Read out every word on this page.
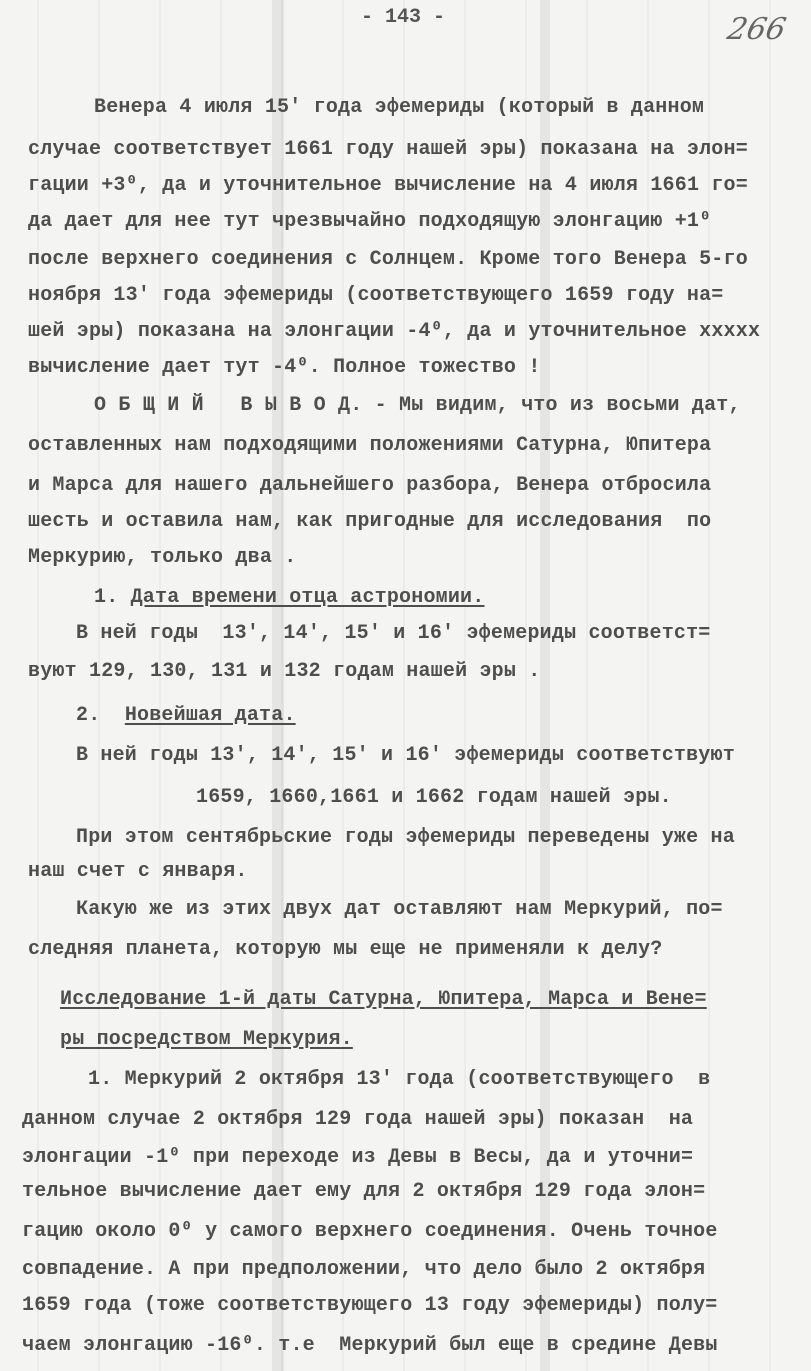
- 143 -	266
Венера 4 июля 15' года эфемериды (который в данном
случае соответствует 1661 году нашей эры) показана на элон=
гации +3⁰, да и уточнительное вычисление на 4 июля 1661 го=
да дает для нее тут чрезвычайно подходящую элонгацию +1⁰
после верхнего соединения с Солнцем. Кроме того Венера 5-го
ноября 13' года эфемериды (соответствующего 1659 году на=
шей эры) показана на элонгации -4⁰, да и уточнительное xxxxx
вычисление дает тут -4⁰. Полное тожество !
О Б Щ И Й   В Ы В О Д. - Мы видим, что из восьми дат,
оставленных нам подходящими положениями Сатурна, Юпитера
и Марса для нашего дальнейшего разбора, Венера отбросила
шесть и оставила нам, как пригодные для исследования  по
Меркурию, только два .
1. Дата времени отца астрономии.
В ней годы  13', 14', 15' и 16' эфемериды соответст=
вуют 129, 130, 131 и 132 годам нашей эры .
2.  Новейшая дата.
В ней годы 13', 14', 15' и 16' эфемериды соответствуют
1659, 1660,1661 и 1662 годам нашей эры.
При этом сентябрьские годы эфемериды переведены уже на
наш счет с января.
Какую же из этих двух дат оставляют нам Меркурий, по=
следняя планета, которую мы еще не применяли к делу?
Исследование 1-й даты Сатурна, Юпитера, Марса и Вене=
ры посредством Меркурия.
1. Меркурий 2 октября 13' года (соответствующего  в
данном случае 2 октября 129 года нашей эры) показан  на
элонгации -1⁰ при переходе из Девы в Весы, да и уточни=
тельное вычисление дает ему для 2 октября 129 года элон=
гацию около 0⁰ у самого верхнего соединения. Очень точное
совпадение. А при предположении, что дело было 2 октября
1659 года (тоже соответствующего 13 году эфемериды) полу=
чаем элонгацию -16⁰. т.е  Меркурий был еще в средине Девы
